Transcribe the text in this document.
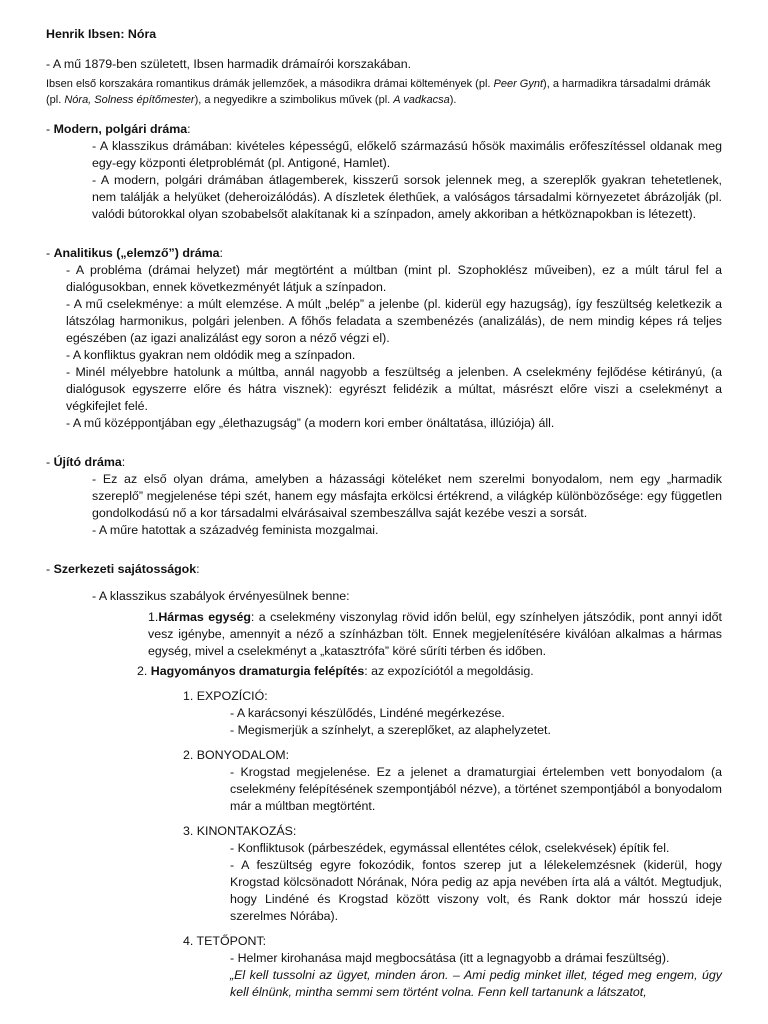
Henrik Ibsen: Nóra

- A mű 1879-ben született, Ibsen harmadik drámaírói korszakában.

Ibsen első korszakára romantikus drámák jellemzőek, a másodikra drámai költemények (pl. Peer Gynt), a harmadikra társadalmi drámák (pl. Nóra, Solness építőmester), a negyedikre a szimbolikus művek (pl. A vadkacsa).

- Modern, polgári dráma:

- A klasszikus drámában: kivételes képességű, előkelő származású hősök maximális erőfeszítéssel oldanak meg egy-egy központi életproblémát (pl. Antigoné, Hamlet).

- A modern, polgári drámában átlagemberek, kisszerű sorsok jelennek meg, a szereplők gyakran tehetetlenek, nem találják a helyüket (deheroizálódás). A díszletek élethűek, a valóságos társadalmi környezetet ábrázolják (pl. valódi bútorokkal olyan szobabelsőt alakítanak ki a színpadon, amely akkoriban a hétköznapokban is létezett).

- Analitikus („elemző”) dráma:

- A probléma (drámai helyzet) már megtörtént a múltban (mint pl. Szophoklész műveiben), ez a múlt tárul fel a dialógusokban, ennek következményét látjuk a színpadon.

- A mű cselekménye: a múlt elemzése. A múlt „belép” a jelenbe (pl. kiderül egy hazugság), így feszültség keletkezik a látszólag harmonikus, polgári jelenben. A főhős feladata a szembenézés (analizálás), de nem mindig képes rá teljes egészében (az igazi analizálást egy soron a néző végzi el).

- A konfliktus gyakran nem oldódik meg a színpadon.

- Minél mélyebbre hatolunk a múltba, annál nagyobb a feszültség a jelenben. A cselekmény fejlődése kétirányú, (a dialógusok egyszerre előre és hátra visznek): egyrészt felidézik a múltat, másrészt előre viszi a cselekményt a végkifejlet felé.

- A mű középpontjában egy „élethazugság” (a modern kori ember önáltatása, illúziója) áll.

- Újító dráma:

- Ez az első olyan dráma, amelyben a házassági köteléket nem szerelmi bonyodalom, nem egy „harmadik szereplő” megjelenése tépi szét, hanem egy másfajta erkölcsi értékrend, a világkép különbözősége: egy független gondolkodású nő a kor társadalmi elvárásaival szembeszállva saját kezébe veszi a sorsát.

- A műre hatottak a századvég feminista mozgalmai.

- Szerkezeti sajátosságok:

- A klasszikus szabályok érvényesülnek benne:

1.Hármas egység: a cselekmény viszonylag rövid időn belül, egy színhelyen játszódik, pont annyi időt vesz igénybe, amennyit a néző a színházban tölt. Ennek megjelenítésére kiválóan alkalmas a hármas egység, mivel a cselekményt a „katasztrófa” köré sűríti térben és időben.

2. Hagyományos dramaturgia felépítés: az expozíciótól a megoldásig.

1. EXPOZÍCIÓ:

- A karácsonyi készülődés, Lindéné megérkezése.

- Megismerjük a színhelyt, a szereplőket, az alaphelyzetet.

2. BONYODALOM:

- Krogstad megjelenése. Ez a jelenet a dramaturgiai értelemben vett bonyodalom (a cselekmény felépítésének szempontjából nézve), a történet szempontjából a bonyodalom már a múltban megtörtént.

3. KINONTAKOZÁS:

- Konfliktusok (párbeszédek, egymással ellentétes célok, cselekvések) építik fel.

- A feszültség egyre fokozódik, fontos szerep jut a lélekelemzésnek (kiderül, hogy Krogstad kölcsönadott Nórának, Nóra pedig az apja nevében írta alá a váltót. Megtudjuk, hogy Lindéné és Krogstad között viszony volt, és Rank doktor már hosszú ideje szerelmes Nórába).

4. TETŐPONT:

- Helmer kirohanása majd megbocsátása (itt a legnagyobb a drámai feszültség).

„El kell tussolni az ügyet, minden áron. – Ami pedig minket illet, téged meg engem, úgy kell élnünk, mintha semmi sem történt volna. Fenn kell tartanunk a látszatot,
